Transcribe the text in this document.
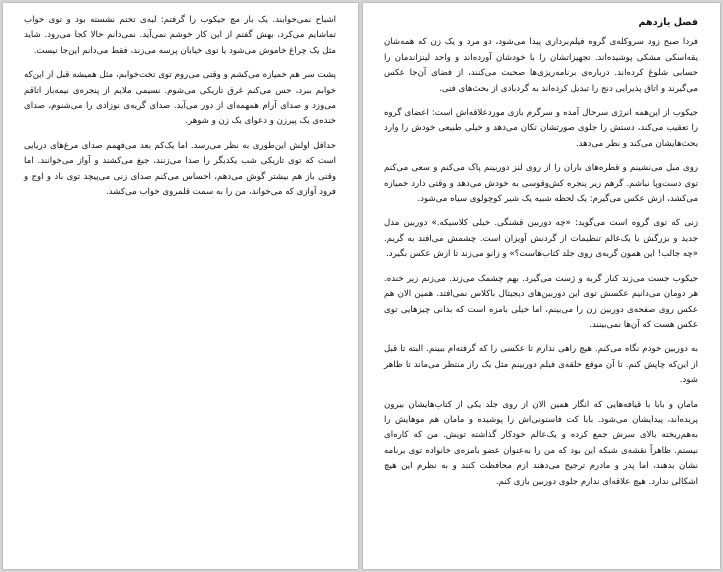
اشباح نمی‌خوابند. یک بار مچ جیکوب را گرفتم: لبه‌ی تختم نشسته بود و توی خواب تماشایم می‌کرد، بهش گفتم از این کار خوشم نمی‌آید. نمی‌دانم حالا کجا می‌رود. شاید مثل یک چراغ خاموش می‌شود یا توی خیابان پرسه می‌زند، فقط می‌دانم این‌جا نیست.

پشت سر هم خمیازه می‌کشم و وقتی می‌روم توی تخت‌خوابم، مثل همیشه قبل از این‌که خوابم ببرد، حس می‌کنم غرق تاریکی می‌شوم. نسیمی ملایم از پنجره‌ی نیمه‌باز اتاقم می‌وزد و صدای آرام همهمه‌ای از دور می‌آید. صدای گریه‌ی نوزادی را می‌شنوم، صدای خنده‌ی یک پیرزن و دعوای یک زن و شوهر.

حداقل اولش این‌طوری به نظر می‌رسد. اما یک‌کم بعد می‌فهمم صدای مرغ‌های دریایی است که توی تاریکی شب یکدیگر را صدا می‌زنند، جیغ می‌کشند و آواز می‌خوانند. اما وقتی باز هم بیشتر گوش می‌دهم، احساس می‌کنم صدای زنی می‌پیچد توی باد و اوج و فرود آوازی که می‌خواند، من را به سمت قلمروی خواب می‌کشد.

فصل یازدهم

فردا صبح زود سروکله‌ی گروه فیلم‌برداری پیدا می‌شود، دو مرد و یک زن که همه‌شان یقه‌اسکی مشکی پوشیده‌اند. تجهیزاتشان را با خودشان آورده‌اند و واحد لینزاندمان را حسابی شلوغ کرده‌اند. درباره‌ی برنامه‌ریزی‌ها صحبت می‌کنند، از فضای آن‌جا عکس می‌گیرند و اتاق پذیرایی دنج را تبدیل کرده‌اند به گردبادی از بحث‌های فنی.

جیکوب از این‌همه انرژی سرحال آمده و سرگرم بازی موردعلاقه‌اش است: اعضای گروه را تعقیب می‌کند، دستش را جلوی صورتشان تکان می‌دهد و خیلی طبیعی خودش را وارد بحث‌هایشان می‌کند و نظر می‌دهد.

روی مبل می‌نشینم و قطره‌های باران را از روی لنز دوربینم پاک می‌کنم و سعی می‌کنم توی دست‌وپا نباشم. گرهم زیر پنجره کش‌وقوسی به خودش می‌دهد و وقتی دارد خمیازه می‌کشد، ازش عکس می‌گیرم: یک لحظه شبیه یک شیر کوچولوی سیاه می‌شود.

زنی که توی گروه است می‌گوید: «چه دوربین قشنگی. خیلی کلاسیکه.» دوربین مدل جدید و بزرگش با یک‌عالم تنظیمات از گردنش آویزان است. چشمش می‌افتد به گریم. «چه جالب! این همون گربه‌ی روی جلد کتاب‌هاست؟» و زانو می‌زند تا ازش عکس بگیرد.

جیکوب جست می‌زند کنار گربه و ژست می‌گیرد. بهم چشمک می‌زند. می‌زنم زیر خنده. هر دومان می‌دانیم عکسش توی این دوربین‌های دیجیتال باکلاس نمی‌افتد. همین الان هم عکس روی صفحه‌ی دوربین زن را می‌بینم، اما خیلی بامزه است که بدانی چیزهایی توی عکس هست که آن‌ها نمی‌بینند.

به دوربین خودم نگاه می‌کنم. هیچ راهی ندارم تا عکسی را که گرفته‌ام ببینم. البته تا قبل از این‌که چاپش کنم. تا آن موقع حلقه‌ی فیلم دوربینم مثل یک راز منتظر می‌ماند تا ظاهر شود.

مامان و بابا با قیافه‌هایی که انگار همین الان از روی جلد یکی از کتاب‌هایشان بیرون پریده‌اند، پیدایشان می‌شود. بابا کت فاستونی‌اش را پوشیده و مامان هم موهایش را به‌هم‌ریخته بالای سرش جمع کرده و یک‌عالم خودکار گذاشته تویش. من که کاره‌ای نیستم. ظاهراً نقشه‌ی شبکه این بود که من را به‌عنوان عضو بامزه‌ی خانواده توی برنامه نشان بدهند، اما پدر و مادرم ترجیح می‌دهند ازم محافظت کنند و به نظرم این هیچ اشکالی ندارد. هیچ علاقه‌ای ندارم جلوی دوربین بازی کنم.
